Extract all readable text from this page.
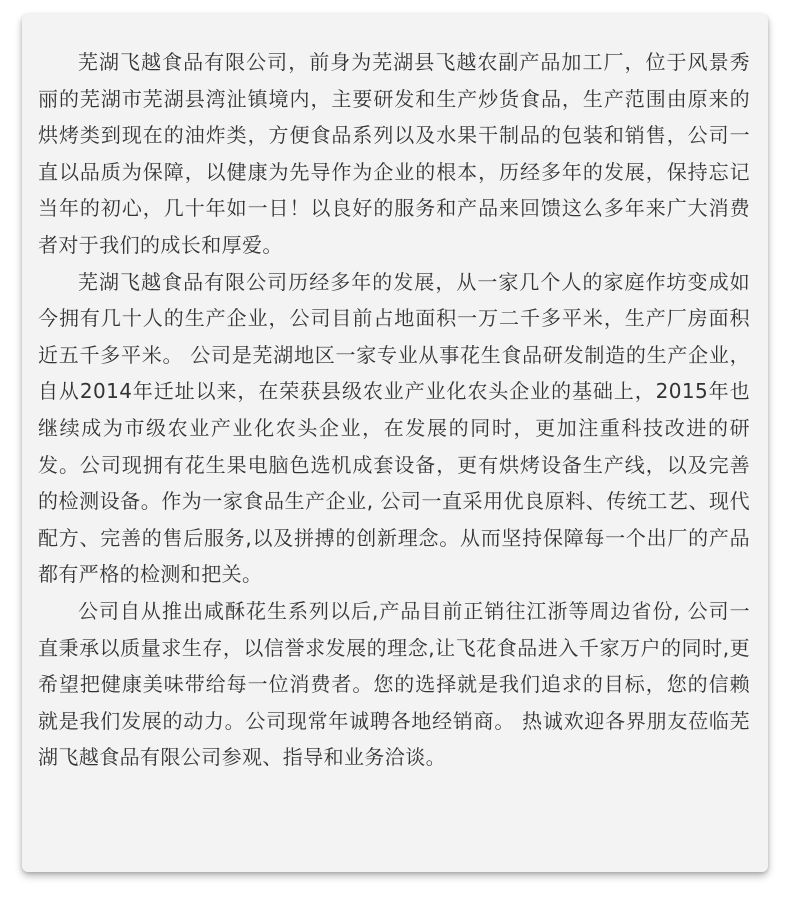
芜湖飞越食品有限公司，前身为芜湖县飞越农副产品加工厂，位于风景秀丽的芜湖市芜湖县湾沚镇境内，主要研发和生产炒货食品，生产范围由原来的烘烤类到现在的油炸类，方便食品系列以及水果干制品的包装和销售，公司一直以品质为保障，以健康为先导作为企业的根本，历经多年的发展，保持忘记当年的初心，几十年如一日！以良好的服务和产品来回馈这么多年来广大消费者对于我们的成长和厚爱。

芜湖飞越食品有限公司历经多年的发展，从一家几个人的家庭作坊变成如今拥有几十人的生产企业，公司目前占地面积一万二千多平米，生产厂房面积近五千多平米。 公司是芜湖地区一家专业从事花生食品研发制造的生产企业，自从2014年迁址以来，在荣获县级农业产业化农头企业的基础上，2015年也继续成为市级农业产业化农头企业，在发展的同时，更加注重科技改进的研发。公司现拥有花生果电脑色选机成套设备，更有烘烤设备生产线，以及完善的检测设备。作为一家食品生产企业, 公司一直采用优良原料、传统工艺、现代配方、完善的售后服务,以及拼搏的创新理念。从而坚持保障每一个出厂的产品都有严格的检测和把关。

公司自从推出咸酥花生系列以后,产品目前正销往江浙等周边省份, 公司一直秉承以质量求生存，以信誉求发展的理念,让飞花食品进入千家万户的同时,更希望把健康美味带给每一位消费者。您的选择就是我们追求的目标，您的信赖就是我们发展的动力。公司现常年诚聘各地经销商。 热诚欢迎各界朋友莅临芜湖飞越食品有限公司参观、指导和业务洽谈。
